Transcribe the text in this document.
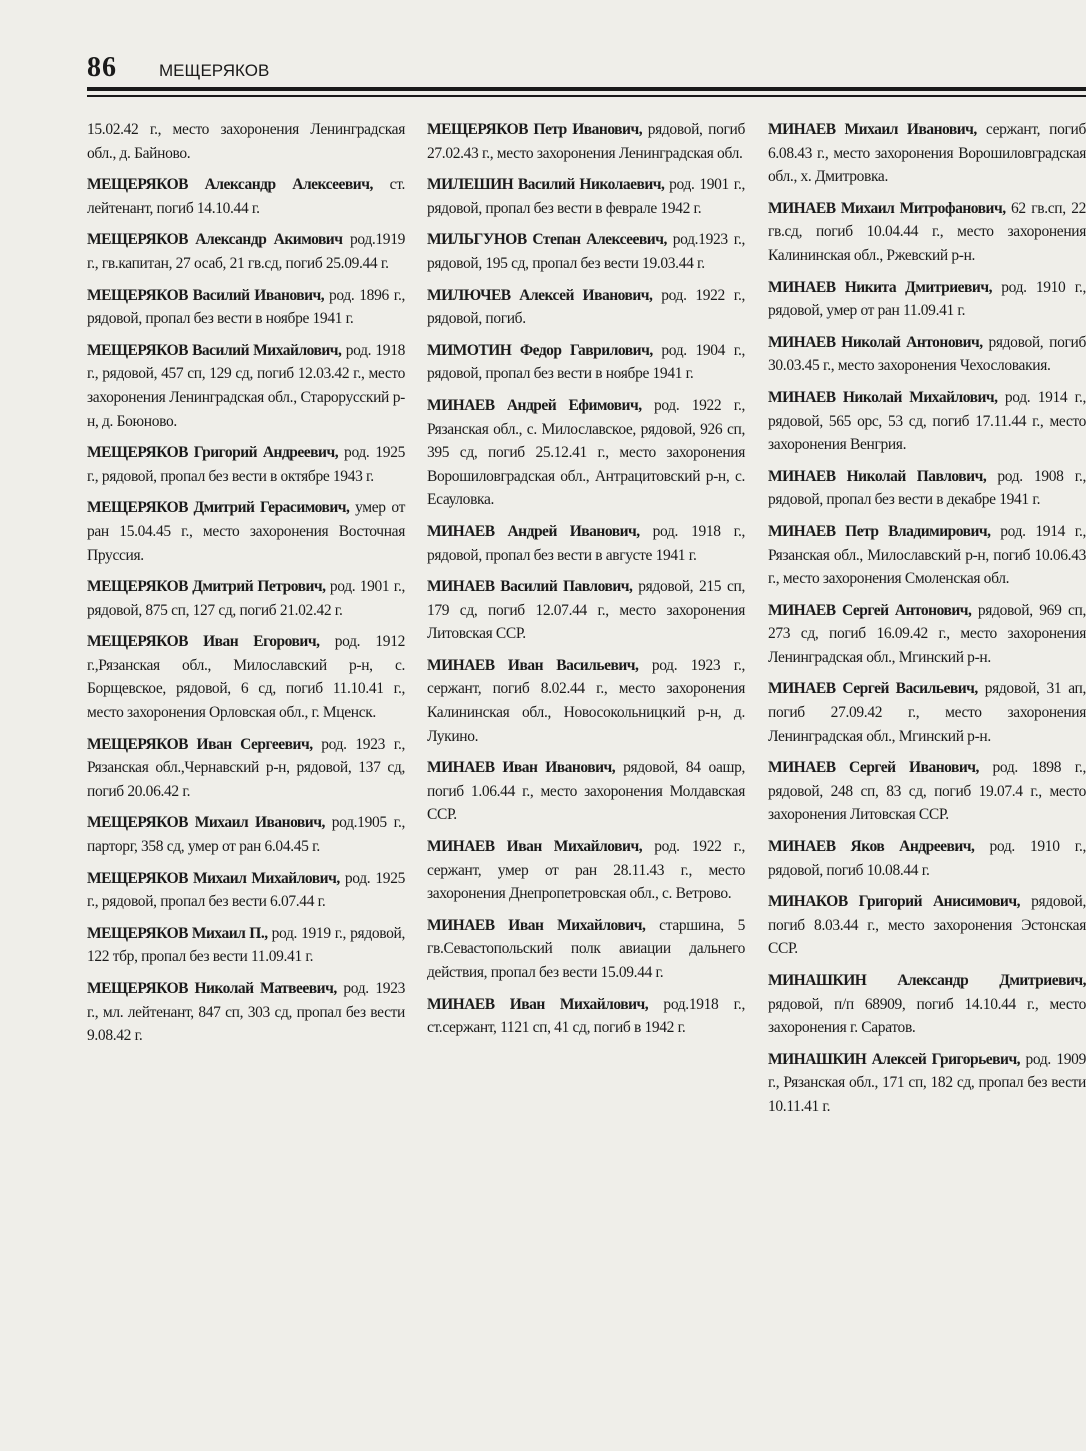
86 МЕЩЕРЯКОВ

15.02.42 г., место захоронения Ленинградская обл., д. Байново.

МЕЩЕРЯКОВ Александр Алексеевич, ст. лейтенант, погиб 14.10.44 г.

МЕЩЕРЯКОВ Александр Акимович род.1919 г., гв.капитан, 27 осаб, 21 гв.сд, погиб 25.09.44 г.

МЕЩЕРЯКОВ Василий Иванович, род. 1896 г., рядовой, пропал без вести в ноябре 1941 г.

МЕЩЕРЯКОВ Василий Михайлович, род. 1918 г., рядовой, 457 сп, 129 сд, погиб 12.03.42 г., место захоронения Ленинградская обл., Старорусский р-н, д. Боюново.

МЕЩЕРЯКОВ Григорий Андреевич, род. 1925 г., рядовой, пропал без вести в октябре 1943 г.

МЕЩЕРЯКОВ Дмитрий Герасимович, умер от ран 15.04.45 г., место захоронения Восточная Пруссия.

МЕЩЕРЯКОВ Дмитрий Петрович, род. 1901 г., рядовой, 875 сп, 127 сд, погиб 21.02.42 г.

МЕЩЕРЯКОВ Иван Егорович, род. 1912 г.,Рязанская обл., Милославский р-н, с. Борщевское, рядовой, 6 сд, погиб 11.10.41 г., место захоронения Орловская обл., г. Мценск.

МЕЩЕРЯКОВ Иван Сергеевич, род. 1923 г., Рязанская обл.,Чернавский р-н, рядовой, 137 сд, погиб 20.06.42 г.

МЕЩЕРЯКОВ Михаил Иванович, род.1905 г., парторг, 358 сд, умер от ран 6.04.45 г.

МЕЩЕРЯКОВ Михаил Михайлович, род. 1925 г., рядовой, пропал без вести 6.07.44 г.

МЕЩЕРЯКОВ Михаил П., род. 1919 г., рядовой, 122 тбр, пропал без вести 11.09.41 г.

МЕЩЕРЯКОВ Николай Матвеевич, род. 1923 г., мл. лейтенант, 847 сп, 303 сд, пропал без вести 9.08.42 г.

МЕЩЕРЯКОВ Петр Иванович, рядовой, погиб 27.02.43 г., место захоронения Ленинградская обл.

МИЛЕШИН Василий Николаевич, род. 1901 г., рядовой, пропал без вести в феврале 1942 г.

МИЛЬГУНОВ Степан Алексеевич, род.1923 г., рядовой, 195 сд, пропал без вести 19.03.44 г.

МИЛЮЧЕВ Алексей Иванович, род. 1922 г., рядовой, погиб.

МИМОТИН Федор Гаврилович, род. 1904 г., рядовой, пропал без вести в ноябре 1941 г.

МИНАЕВ Андрей Ефимович, род. 1922 г., Рязанская обл., с. Милославское, рядовой, 926 сп, 395 сд, погиб 25.12.41 г., место захоронения Ворошиловградская обл., Антрацитовский р-н, с. Есауловка.

МИНАЕВ Андрей Иванович, род. 1918 г., рядовой, пропал без вести в августе 1941 г.

МИНАЕВ Василий Павлович, рядовой, 215 сп, 179 сд, погиб 12.07.44 г., место захоронения Литовская ССР.

МИНАЕВ Иван Васильевич, род. 1923 г., сержант, погиб 8.02.44 г., место захоронения Калининская обл., Новосокольницкий р-н, д. Лукино.

МИНАЕВ Иван Иванович, рядовой, 84 оашр, погиб 1.06.44 г., место захоронения Молдавская ССР.

МИНАЕВ Иван Михайлович, род. 1922 г., сержант, умер от ран 28.11.43 г., место захоронения Днепропетровская обл., с. Ветрово.

МИНАЕВ Иван Михайлович, старшина, 5 гв.Севастопольский полк авиации дальнего действия, пропал без вести 15.09.44 г.

МИНАЕВ Иван Михайлович, род.1918 г., ст.сержант, 1121 сп, 41 сд, погиб в 1942 г.

МИНАЕВ Михаил Иванович, сержант, погиб 6.08.43 г., место захоронения Ворошиловградская обл., х. Дмитровка.

МИНАЕВ Михаил Митрофанович, 62 гв.сп, 22 гв.сд, погиб 10.04.44 г., место захоронения Калининская обл., Ржевский р-н.

МИНАЕВ Никита Дмитриевич, род. 1910 г., рядовой, умер от ран 11.09.41 г.

МИНАЕВ Николай Антонович, рядовой, погиб 30.03.45 г., место захоронения Чехословакия.

МИНАЕВ Николай Михайлович, род. 1914 г., рядовой, 565 орс, 53 сд, погиб 17.11.44 г., место захоронения Венгрия.

МИНАЕВ Николай Павлович, род. 1908 г., рядовой, пропал без вести в декабре 1941 г.

МИНАЕВ Петр Владимирович, род. 1914 г., Рязанская обл., Милославский р-н, погиб 10.06.43 г., место захоронения Смоленская обл.

МИНАЕВ Сергей Антонович, рядовой, 969 сп, 273 сд, погиб 16.09.42 г., место захоронения Ленинградская обл., Мгинский р-н.

МИНАЕВ Сергей Васильевич, рядовой, 31 ап, погиб 27.09.42 г., место захоронения Ленинградская обл., Мгинский р-н.

МИНАЕВ Сергей Иванович, род. 1898 г., рядовой, 248 сп, 83 сд, погиб 19.07.4 г., место захоронения Литовская ССР.

МИНАЕВ Яков Андреевич, род. 1910 г., рядовой, погиб 10.08.44 г.

МИНАКОВ Григорий Анисимович, рядовой, погиб 8.03.44 г., место захоронения Эстонская ССР.

МИНАШКИН Александр Дмитриевич, рядовой, п/п 68909, погиб 14.10.44 г., место захоронения г. Саратов.

МИНАШКИН Алексей Григорьевич, род. 1909 г., Рязанская обл., 171 сп, 182 сд, пропал без вести 10.11.41 г.
